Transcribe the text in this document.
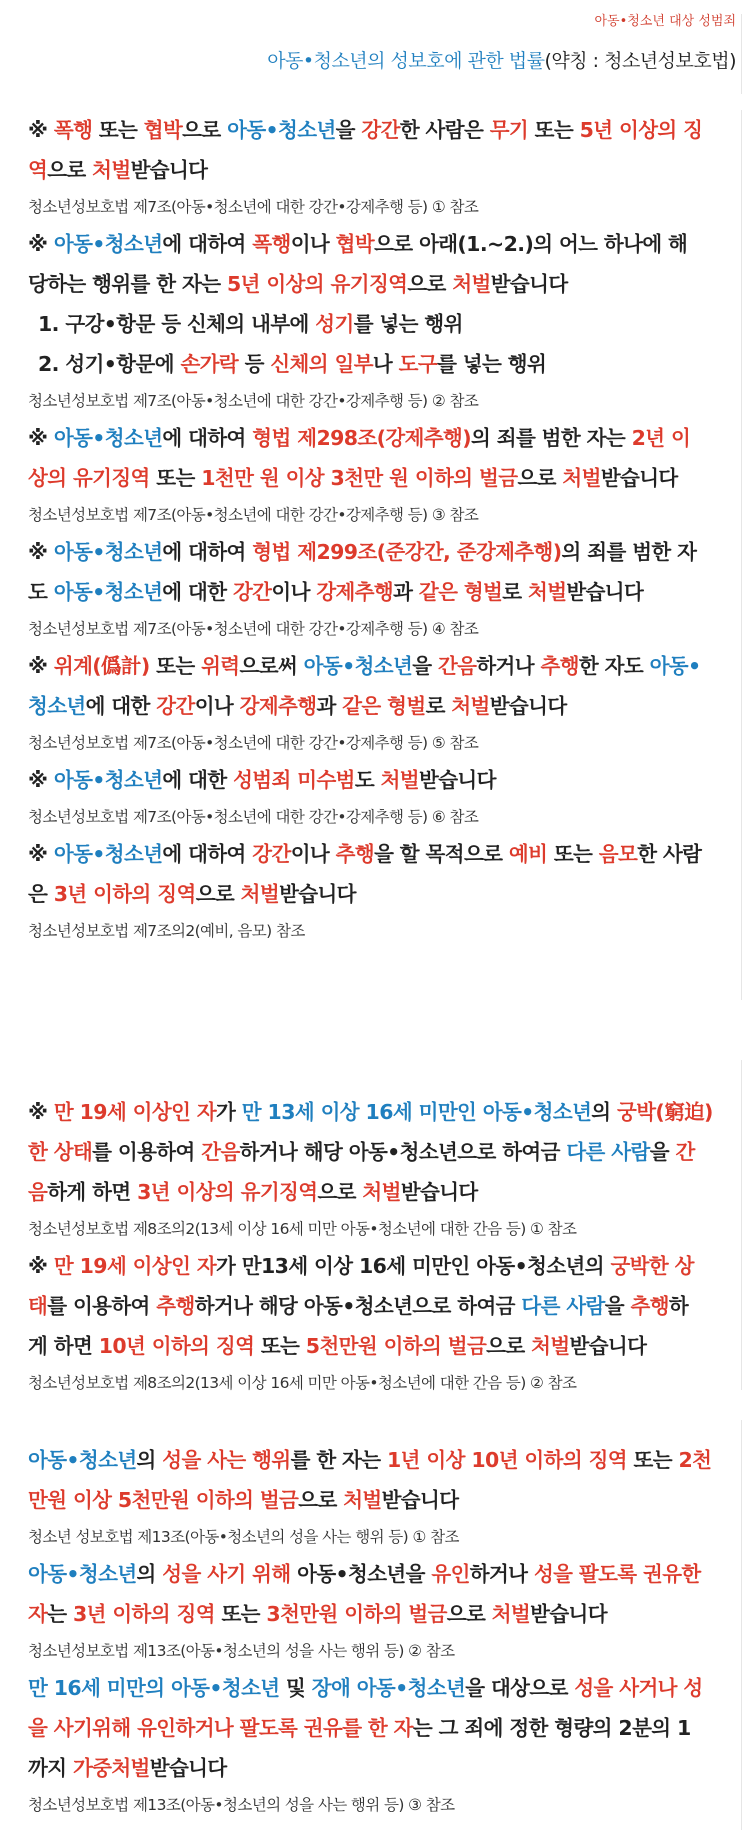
아동•청소년 대상 성범죄
아동•청소년의 성보호에 관한 법률(약칭 : 청소년성보호법)
※ 폭행 또는 협박으로 아동•청소년을 강간한 사람은 무기 또는 5년 이상의 징
역으로 처벌받습니다
청소년성보호법 제7조(아동•청소년에 대한 강간•강제추행 등) ① 참조
※ 아동•청소년에 대하여 폭행이나 협박으로 아래(1.~2.)의 어느 하나에 해
당하는 행위를 한 자는 5년 이상의 유기징역으로 처벌받습니다
1. 구강•항문 등 신체의 내부에 성기를 넣는 행위
2. 성기•항문에 손가락 등 신체의 일부나 도구를 넣는 행위
청소년성보호법 제7조(아동•청소년에 대한 강간•강제추행 등) ② 참조
※ 아동•청소년에 대하여 형법 제298조(강제추행)의 죄를 범한 자는 2년 이
상의 유기징역 또는 1천만 원 이상 3천만 원 이하의 벌금으로 처벌받습니다
청소년성보호법 제7조(아동•청소년에 대한 강간•강제추행 등) ③ 참조
※ 아동•청소년에 대하여 형법 제299조(준강간, 준강제추행)의 죄를 범한 자
도 아동•청소년에 대한 강간이나 강제추행과 같은 형벌로 처벌받습니다
청소년성보호법 제7조(아동•청소년에 대한 강간•강제추행 등) ④ 참조
※ 위계(僞計) 또는 위력으로써 아동•청소년을 간음하거나 추행한 자도 아동•
청소년에 대한 강간이나 강제추행과 같은 형벌로 처벌받습니다
청소년성보호법 제7조(아동•청소년에 대한 강간•강제추행 등) ⑤ 참조
※ 아동•청소년에 대한 성범죄 미수범도 처벌받습니다
청소년성보호법 제7조(아동•청소년에 대한 강간•강제추행 등) ⑥ 참조
※ 아동•청소년에 대하여 강간이나 추행을 할 목적으로 예비 또는 음모한 사람
은 3년 이하의 징역으로 처벌받습니다
청소년성보호법 제7조의2(예비, 음모) 참조
※ 만 19세 이상인 자가 만 13세 이상 16세 미만인 아동•청소년의 궁박(窮迫)
한 상태를 이용하여 간음하거나 해당 아동•청소년으로 하여금 다른 사람을 간
음하게 하면 3년 이상의 유기징역으로 처벌받습니다
청소년성보호법 제8조의2(13세 이상 16세 미만 아동•청소년에 대한 간음 등) ① 참조
※ 만 19세 이상인 자가 만13세 이상 16세 미만인 아동•청소년의 궁박한 상
태를 이용하여 추행하거나 해당 아동•청소년으로 하여금 다른 사람을 추행하
게 하면 10년 이하의 징역 또는 5천만원 이하의 벌금으로 처벌받습니다
청소년성보호법 제8조의2(13세 이상 16세 미만 아동•청소년에 대한 간음 등) ② 참조
아동•청소년의 성을 사는 행위를 한 자는 1년 이상 10년 이하의 징역 또는 2천
만원 이상 5천만원 이하의 벌금으로 처벌받습니다
청소년 성보호법 제13조(아동•청소년의 성을 사는 행위 등) ① 참조
아동•청소년의 성을 사기 위해 아동•청소년을 유인하거나 성을 팔도록 권유한
자는 3년 이하의 징역 또는 3천만원 이하의 벌금으로 처벌받습니다
청소년성보호법 제13조(아동•청소년의 성을 사는 행위 등) ② 참조
만 16세 미만의 아동•청소년 및 장애 아동•청소년을 대상으로 성을 사거나 성
을 사기위해 유인하거나 팔도록 권유를 한 자는 그 죄에 정한 형량의 2분의 1
까지 가중처벌받습니다
청소년성보호법 제13조(아동•청소년의 성을 사는 행위 등) ③ 참조
